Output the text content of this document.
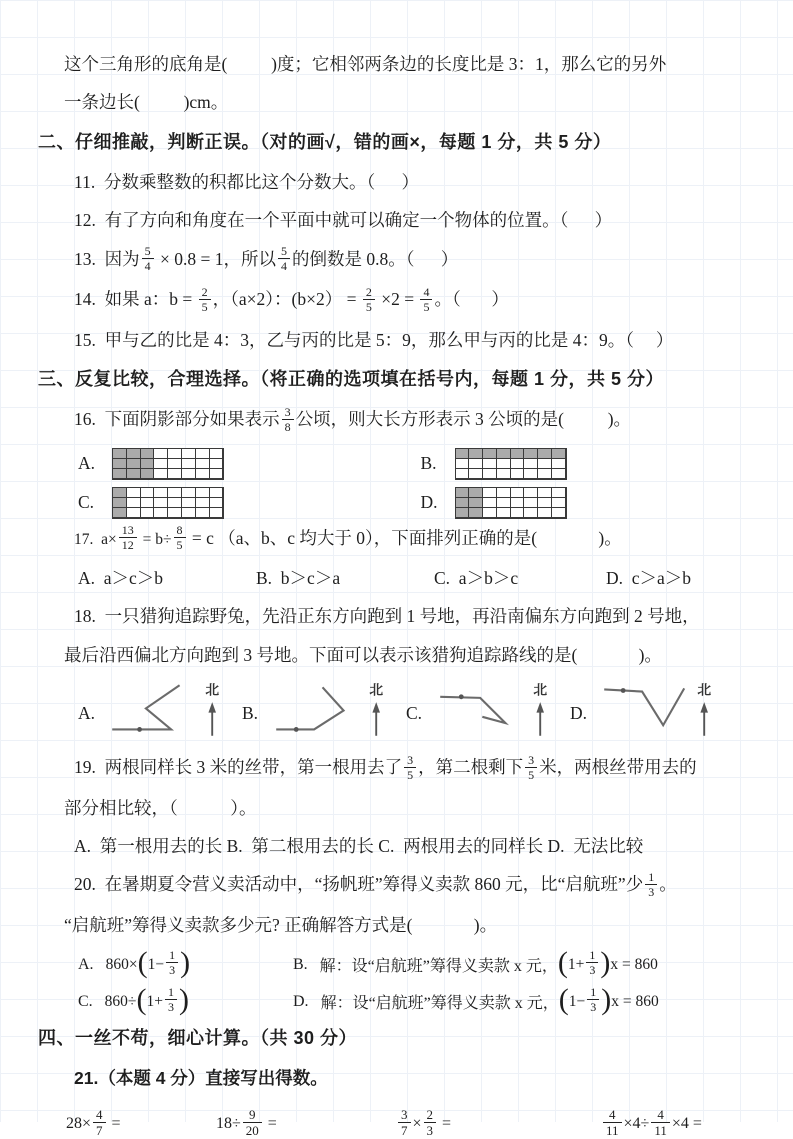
这个三角形的底角是(          )度；它相邻两条边的长度比是 3：1，那么它的另外

一条边长(          )cm。

二、仔细推敲，判断正误。（对的画√，错的画×，每题 1 分，共 5 分）

11.  分数乘整数的积都比这个分数大。（      ）

12.  有了方向和角度在一个平面中就可以确定一个物体的位置。（      ）

13.  因为 $\frac{5}{4} \times 0.8 = 1$，所以 $\frac{5}{4}$ 的倒数是 0.8。（      ）

14.  如果 a：$b = \frac{2}{5}$ ，（a×2）：$(b\times 2) = \frac{2}{5} \times 2 = \frac{4}{5}$ 。（       ）

15.  甲与乙的比是 4：3，乙与丙的比是 5：9，那么甲与丙的比是 4：9。（     ）

三、反复比较，合理选择。（将正确的选项填在括号内，每题 1 分，共 5 分）

16.  下面阴影部分如果表示 $\frac{3}{8}$ 公顷，则大长方形表示 3 公顷的是(          )。

A.	B.
C.	D.

17.  $a\times \frac{13}{12} = b\div \frac{8}{5} = c$ （a、b、c 均大于 0），下面排列正确的是(              )。

A.  a＞c＞b	B.  b＞c＞a	C.  a＞b＞c	D.  c＞a＞b

18.  一只猎狗追踪野兔，先沿正东方向跑到 1 号地，再沿南偏东方向跑到 2 号地，

最后沿西偏北方向跑到 3 号地。下面可以表示该猎狗追踪路线的是(              )。

A.
北
B.
北
C.
北
D.
北

19.  两根同样长 3 米的丝带，第一根用去了 $\frac{3}{5}$ ，第二根剩下 $\frac{3}{5}$ 米，两根丝带用去的

部分相比较，（            ）。

A.  第一根用去的长 B.  第二根用去的长 C.  两根用去的同样长 D.  无法比较

20.  在暑期夏令营义卖活动中，“扬帆班”筹得义卖款 860 元，比“启航班”少 $\frac{1}{3}$ 。

“启航班”筹得义卖款多少元? 正确解答方式是(              )。

A. 860× ( $1- \frac{1}{3}$ )	B. 解：设“启航班”筹得义卖款 x 元， ( $1+ \frac{1}{3}$ ) x = 860
C. 860÷ ( $1+ \frac{1}{3}$ )	D. 解：设“启航班”筹得义卖款 x 元， ( $1- \frac{1}{3}$ ) x = 860

四、一丝不苟，细心计算。（共 30 分）

21.（本题 4 分）直接写出得数。

$28\times \frac{4}{7}$ =	$18\div \frac{9}{20}$ =	$\frac{3}{7} \times \frac{2}{3}$ =	$\frac{4}{11} \times 4\div \frac{4}{11} \times 4$ =
